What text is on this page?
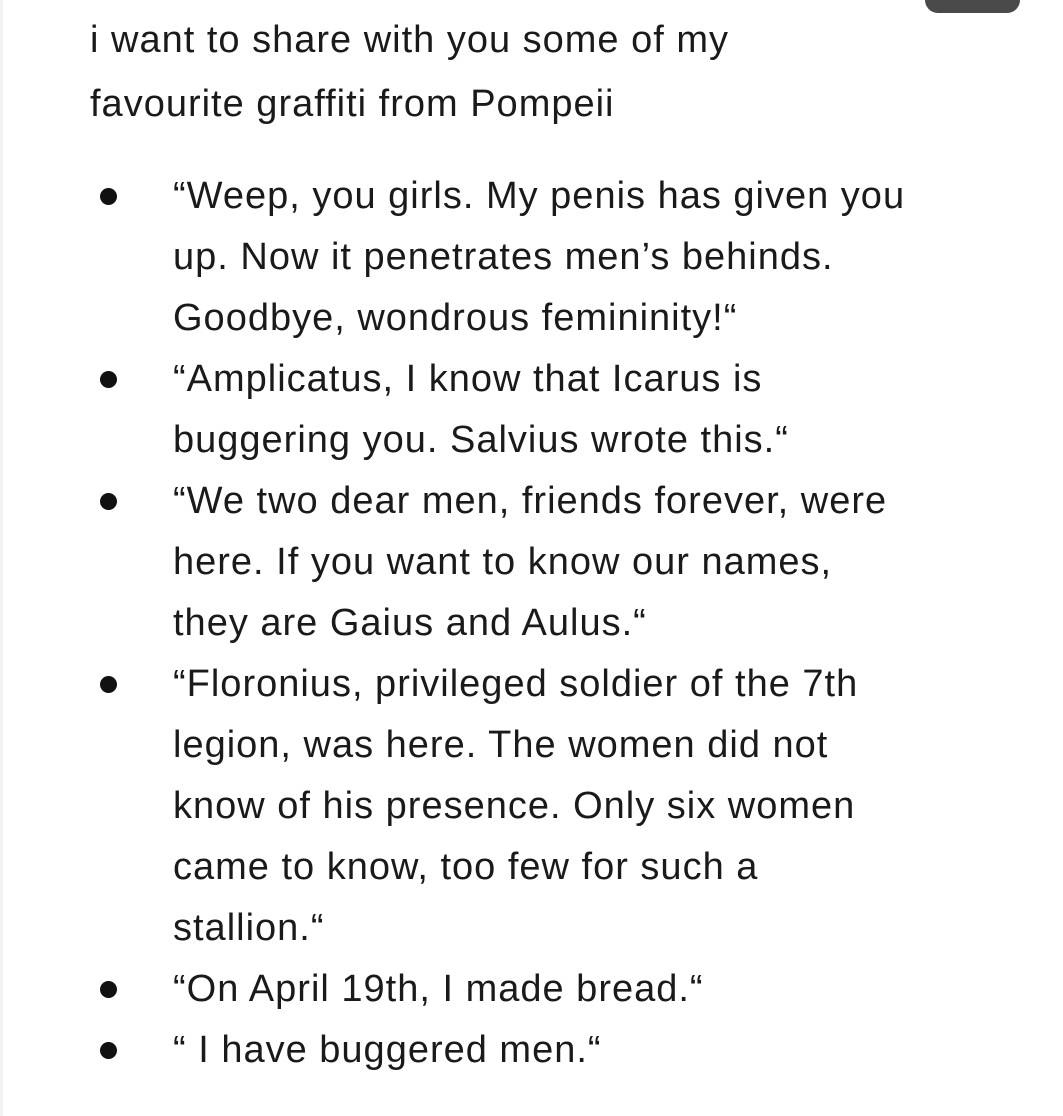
i want to share with you some of my
favourite graffiti from Pompeii
“Weep, you girls. My penis has given you
up. Now it penetrates men’s behinds.
Goodbye, wondrous femininity!“
“Amplicatus, I know that Icarus is
buggering you. Salvius wrote this.“
“We two dear men, friends forever, were
here. If you want to know our names,
they are Gaius and Aulus.“
“Floronius, privileged soldier of the 7th
legion, was here. The women did not
know of his presence. Only six women
came to know, too few for such a
stallion.“
“On April 19th, I made bread.“
“ I have buggered men.“
